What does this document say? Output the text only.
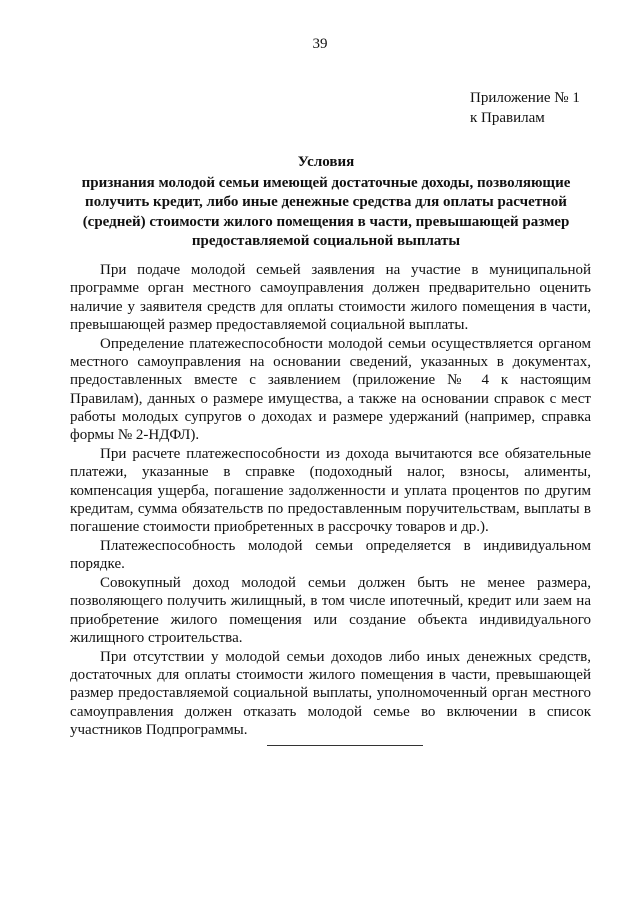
39
Приложение № 1
к Правилам
Условия
признания молодой семьи имеющей достаточные доходы, позволяющие получить кредит, либо иные денежные средства для оплаты расчетной (средней) стоимости жилого помещения в части, превышающей размер предоставляемой социальной выплаты

При подаче молодой семьей заявления на участие в муниципальной программе орган местного самоуправления должен предварительно оценить наличие у заявителя средств для оплаты стоимости жилого помещения в части, превышающей размер предоставляемой социальной выплаты.

Определение платежеспособности молодой семьи осуществляется органом местного самоуправления на основании сведений, указанных в документах, предоставленных вместе с заявлением (приложение № 4 к настоящим Правилам), данных о размере имущества, а также на основании справок с мест работы молодых супругов о доходах и размере удержаний (например, справка формы № 2-НДФЛ).

При расчете платежеспособности из дохода вычитаются все обязательные платежи, указанные в справке (подоходный налог, взносы, алименты, компенсация ущерба, погашение задолженности и уплата процентов по другим кредитам, сумма обязательств по предоставленным поручительствам, выплаты в погашение стоимости приобретенных в рассрочку товаров и др.).

Платежеспособность молодой семьи определяется в индивидуальном порядке.

Совокупный доход молодой семьи должен быть не менее размера, позволяющего получить жилищный, в том числе ипотечный, кредит или заем на приобретение жилого помещения или создание объекта индивидуального жилищного строительства.

При отсутствии у молодой семьи доходов либо иных денежных средств, достаточных для оплаты стоимости жилого помещения в части, превышающей размер предоставляемой социальной выплаты, уполномоченный орган местного самоуправления должен отказать молодой семье во включении в список участников Подпрограммы.
